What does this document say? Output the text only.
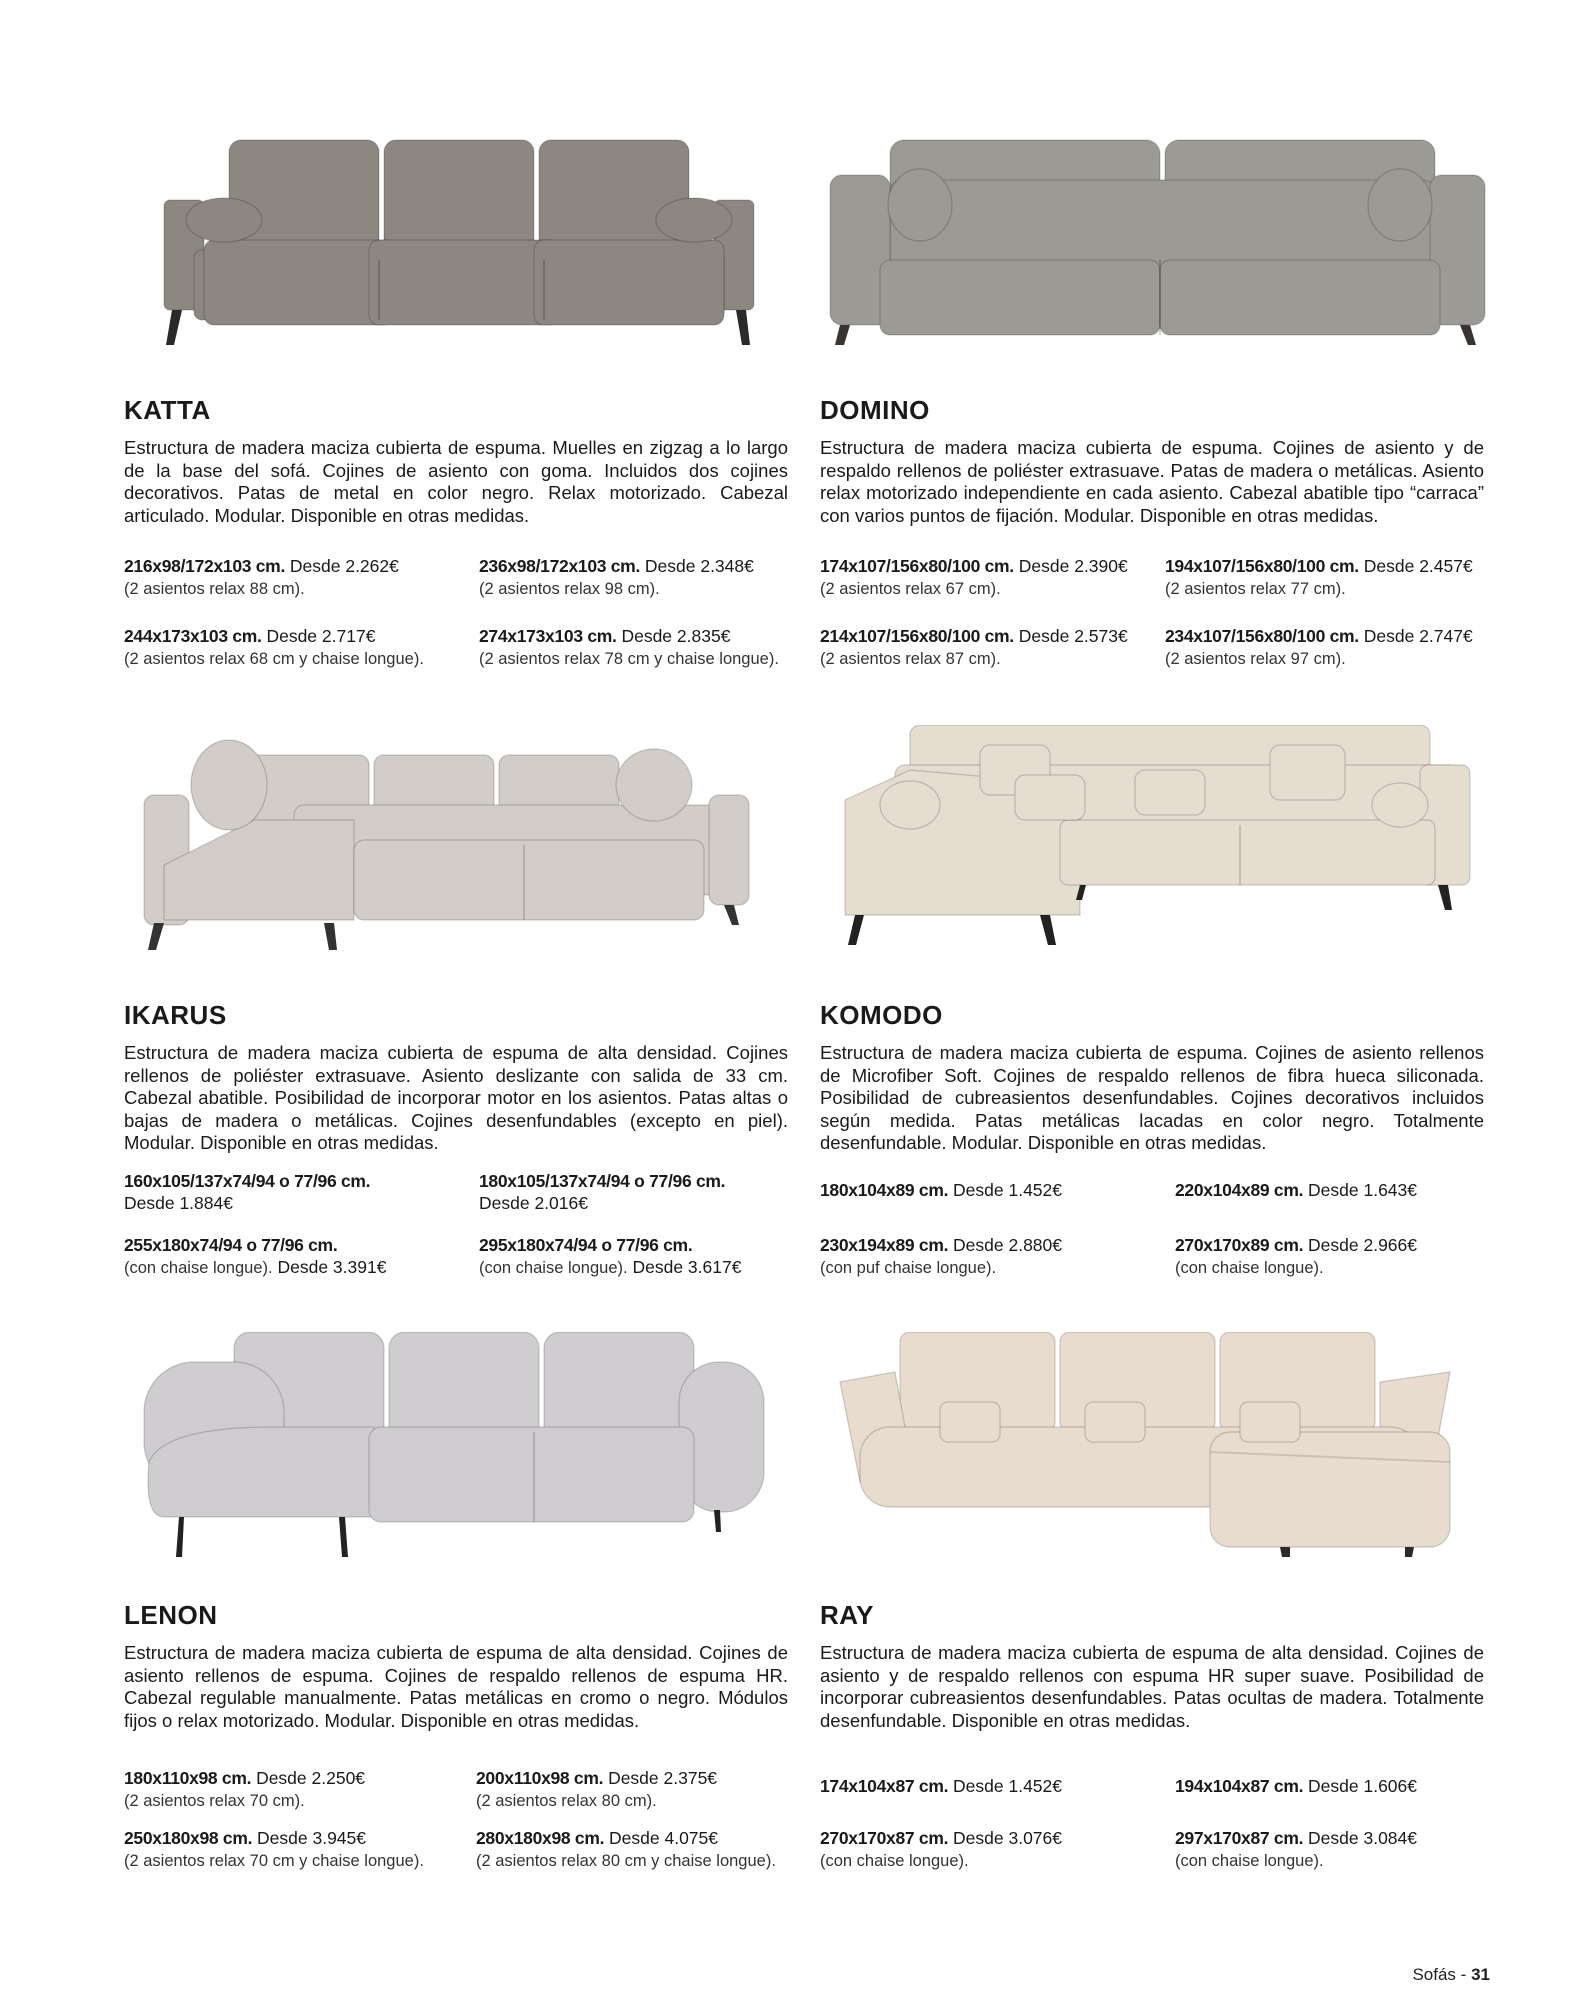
KATTA

Estructura de madera maciza cubierta de espuma. Muelles en zigzag a lo largo de la base del sofá. Cojines de asiento con goma. Incluidos dos cojines decorativos. Patas de metal en color negro. Relax motorizado. Cabezal articulado. Modular. Disponible en otras medidas.

216x98/172x103 cm. Desde 2.262€
(2 asientos relax 88 cm).
236x98/172x103 cm. Desde 2.348€
(2 asientos relax 98 cm).
244x173x103 cm. Desde 2.717€
(2 asientos relax 68 cm y chaise longue).
274x173x103 cm. Desde 2.835€
(2 asientos relax 78 cm y chaise longue).
DOMINO

Estructura de madera maciza cubierta de espuma. Cojines de asiento y de respaldo rellenos de poliéster extrasuave. Patas de madera o metálicas. Asiento relax motorizado independiente en cada asiento. Cabezal abatible tipo “carraca” con varios puntos de fijación. Modular. Disponible en otras medidas.

174x107/156x80/100 cm. Desde 2.390€
(2 asientos relax 67 cm).
194x107/156x80/100 cm. Desde 2.457€
(2 asientos relax 77 cm).
214x107/156x80/100 cm. Desde 2.573€
(2 asientos relax 87 cm).
234x107/156x80/100 cm. Desde 2.747€
(2 asientos relax 97 cm).
IKARUS

Estructura de madera maciza cubierta de espuma de alta densidad. Cojines rellenos de poliéster extrasuave. Asiento deslizante con salida de 33 cm. Cabezal abatible. Posibilidad de incorporar motor en los asientos. Patas altas o bajas de madera o metálicas. Cojines desenfundables (excepto en piel). Modular. Disponible en otras medidas.

160x105/137x74/94 o 77/96 cm.
Desde 1.884€
180x105/137x74/94 o 77/96 cm.
Desde 2.016€
255x180x74/94 o 77/96 cm.
(con chaise longue). Desde 3.391€
295x180x74/94 o 77/96 cm.
(con chaise longue). Desde 3.617€
KOMODO

Estructura de madera maciza cubierta de espuma. Cojines de asiento rellenos de Microfiber Soft. Cojines de respaldo rellenos de fibra hueca siliconada. Posibilidad de cubreasientos desenfundables. Cojines decorativos incluidos según medida. Patas metálicas lacadas en color negro. Totalmente desenfundable. Modular. Disponible en otras medidas.

180x104x89 cm. Desde 1.452€	220x104x89 cm. Desde 1.643€
230x194x89 cm. Desde 2.880€
(con puf chaise longue).
270x170x89 cm. Desde 2.966€
(con chaise longue).
LENON

Estructura de madera maciza cubierta de espuma de alta densidad. Cojines de asiento rellenos de espuma. Cojines de respaldo rellenos de espuma HR. Cabezal regulable manualmente. Patas metálicas en cromo o negro. Módulos fijos o relax motorizado. Modular. Disponible en otras medidas.

180x110x98 cm. Desde 2.250€
(2 asientos relax 70 cm).
200x110x98 cm. Desde 2.375€
(2 asientos relax 80 cm).
250x180x98 cm. Desde 3.945€
(2 asientos relax 70 cm y chaise longue).
280x180x98 cm. Desde 4.075€
(2 asientos relax 80 cm y chaise longue).
RAY

Estructura de madera maciza cubierta de espuma de alta densidad. Cojines de asiento y de respaldo rellenos con espuma HR super suave. Posibilidad de incorporar cubreasientos desenfundables. Patas ocultas de madera. Totalmente desenfundable. Disponible en otras medidas.

174x104x87 cm. Desde 1.452€	194x104x87 cm. Desde 1.606€
270x170x87 cm. Desde 3.076€
(con chaise longue).
297x170x87 cm. Desde 3.084€
(con chaise longue).
Sofás - 31
